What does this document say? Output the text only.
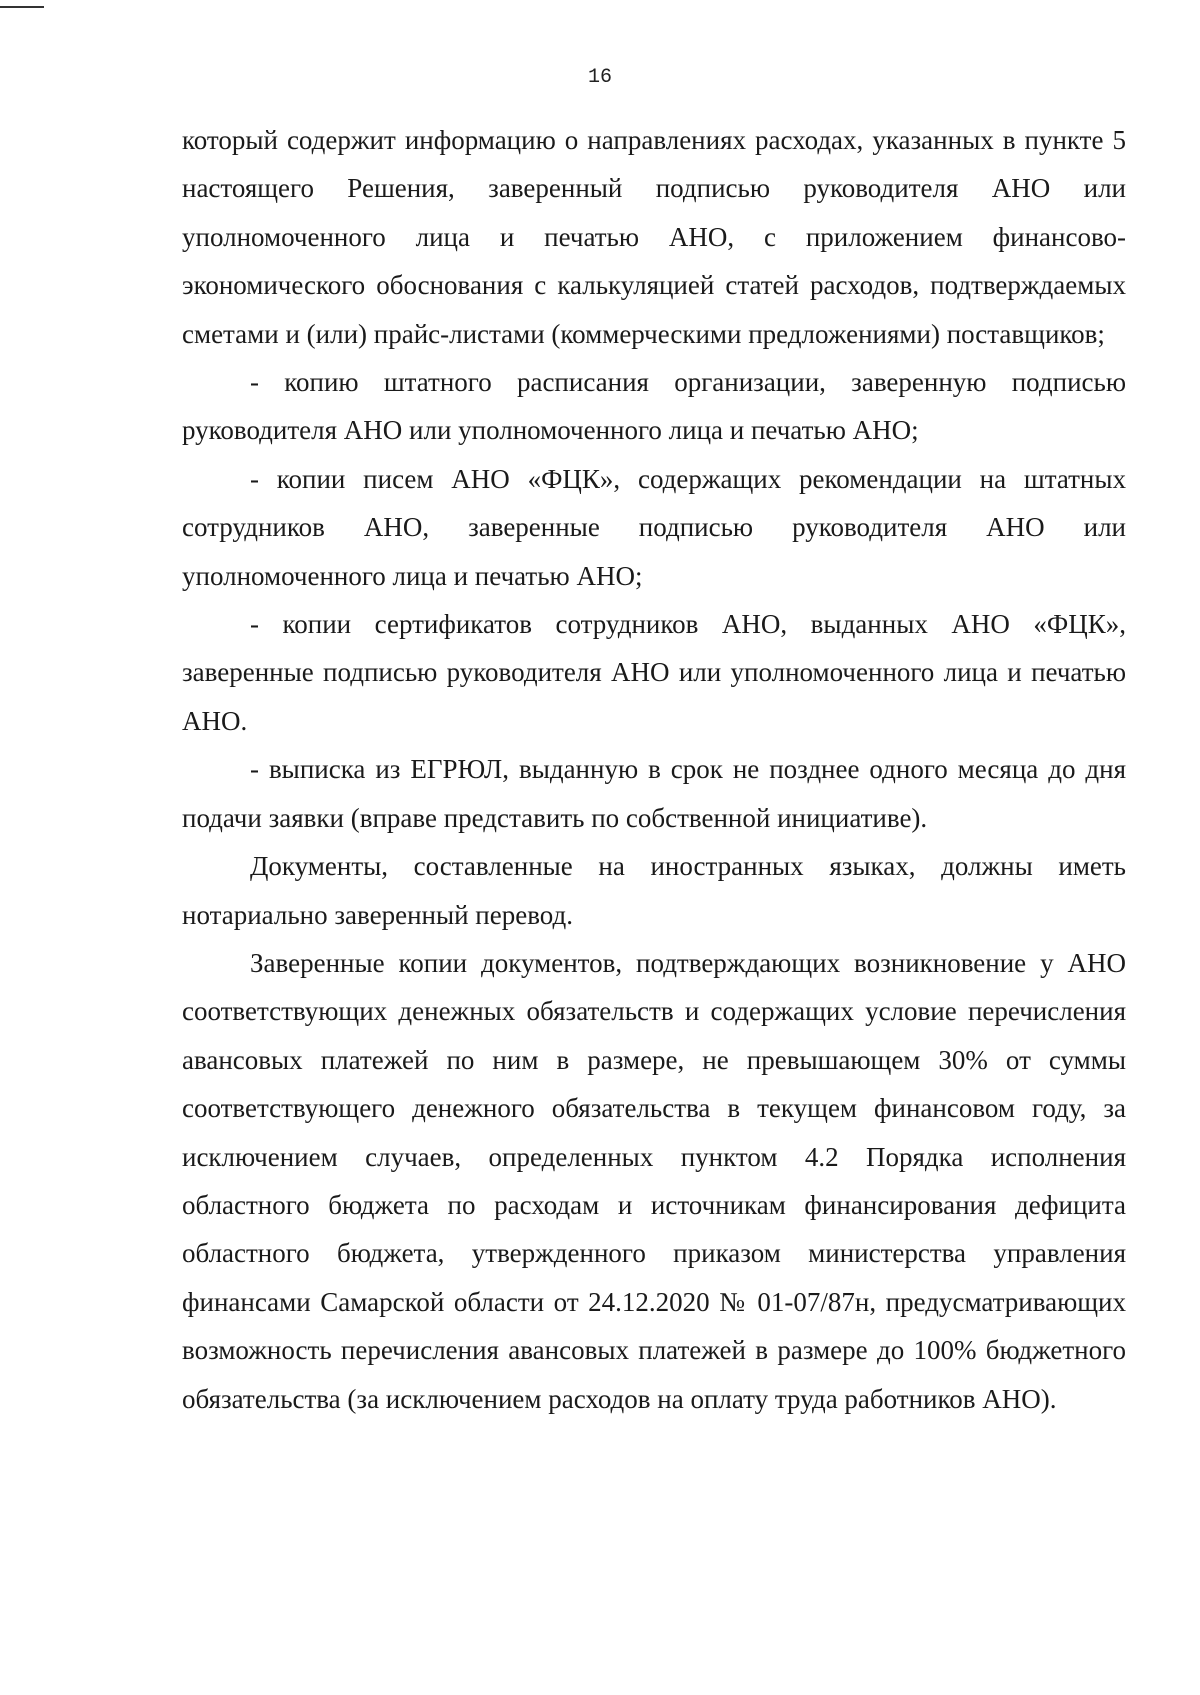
16

который содержит информацию о направлениях расходах, указанных в пункте 5 настоящего Решения, заверенный подписью руководителя АНО или уполномоченного лица и печатью АНО, с приложением финансово-экономического обоснования с калькуляцией статей расходов, подтверждаемых сметами и (или) прайс-листами (коммерческими предложениями) поставщиков;

- копию штатного расписания организации, заверенную подписью руководителя АНО или уполномоченного лица и печатью АНО;

- копии писем АНО «ФЦК», содержащих рекомендации на штатных сотрудников АНО, заверенные подписью руководителя АНО или уполномоченного лица и печатью АНО;

- копии сертификатов сотрудников АНО, выданных АНО «ФЦК», заверенные подписью руководителя АНО или уполномоченного лица и печатью АНО.

- выписка из ЕГРЮЛ, выданную в срок не позднее одного месяца до дня подачи заявки (вправе представить по собственной инициативе).

Документы, составленные на иностранных языках, должны иметь нотариально заверенный перевод.

Заверенные копии документов, подтверждающих возникновение у АНО соответствующих денежных обязательств и содержащих условие перечисления авансовых платежей по ним в размере, не превышающем 30% от суммы соответствующего денежного обязательства в текущем финансовом году, за исключением случаев, определенных пунктом 4.2 Порядка исполнения областного бюджета по расходам и источникам финансирования дефицита областного бюджета, утвержденного приказом министерства управления финансами Самарской области от 24.12.2020 № 01-07/87н, предусматривающих возможность перечисления авансовых платежей в размере до 100% бюджетного обязательства (за исключением расходов на оплату труда работников АНО).
